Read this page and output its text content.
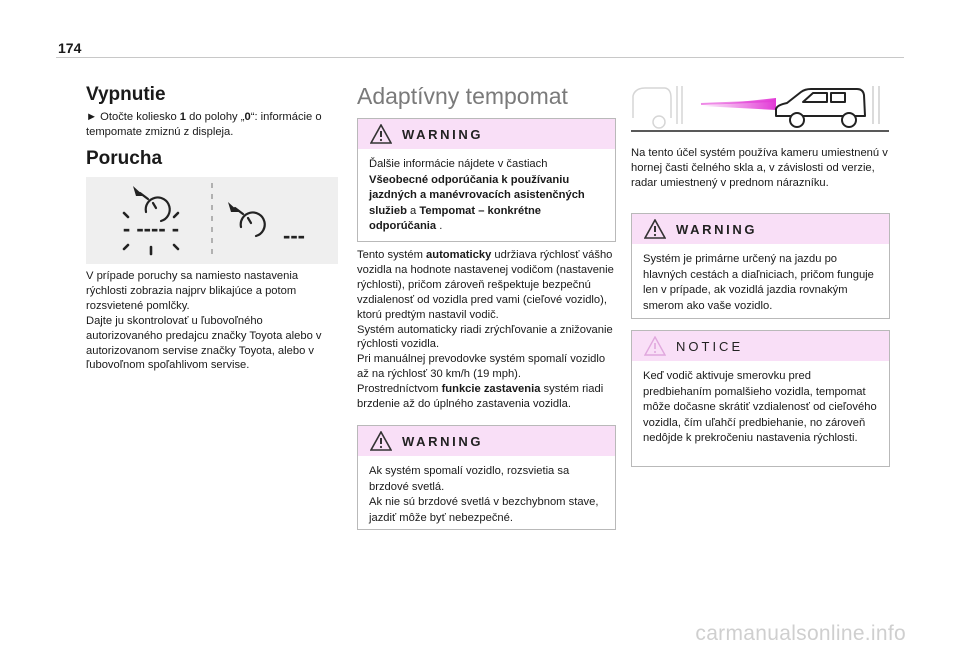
174
Vypnutie
► Otočte koliesko 1 do polohy „0“: informácie o tempomate zmiznú z displeja.
Porucha
- ---- -	---
V prípade poruchy sa namiesto nastavenia rýchlosti zobrazia najprv blikajúce a potom rozsvietené pomlčky.
Dajte ju skontrolovať u ľubovoľného autorizovaného predajcu značky Toyota alebo v autorizovanom servise značky Toyota, alebo v ľubovoľnom spoľahlivom servise.
Adaptívny tempomat
WARNING
Ďalšie informácie nájdete v častiach Všeobecné odporúčania k používaniu jazdných a manévrovacích asistenčných služieb a Tempomat – konkrétne odporúčania .
Tento systém automaticky udržiava rýchlosť vášho vozidla na hodnote nastavenej vodičom (nastavenie rýchlosti), pričom zároveň rešpektuje bezpečnú vzdialenosť od vozidla pred vami (cieľové vozidlo), ktorú predtým nastavil vodič.
Systém automaticky riadi zrýchľovanie a znižovanie rýchlosti vozidla.
Pri manuálnej prevodovke systém spomalí vozidlo až na rýchlosť 30 km/h (19 mph).
Prostredníctvom funkcie zastavenia systém riadi brzdenie až do úplného zastavenia vozidla.
WARNING
Ak systém spomalí vozidlo, rozsvietia sa brzdové svetlá.
Ak nie sú brzdové svetlá v bezchybnom stave, jazdiť môže byť nebezpečné.
Na tento účel systém používa kameru umiestnenú v hornej časti čelného skla a, v závislosti od verzie, radar umiestnený v prednom nárazníku.
WARNING
Systém je primárne určený na jazdu po hlavných cestách a diaľniciach, pričom funguje len v prípade, ak vozidlá jazdia rovnakým smerom ako vaše vozidlo.
NOTICE
Keď vodič aktivuje smerovku pred predbiehaním pomalšieho vozidla, tempomat môže dočasne skrátiť vzdialenosť od cieľového vozidla, čím uľahčí predbiehanie, no zároveň nedôjde k prekročeniu nastavenia rýchlosti.
carmanualsonline.info
